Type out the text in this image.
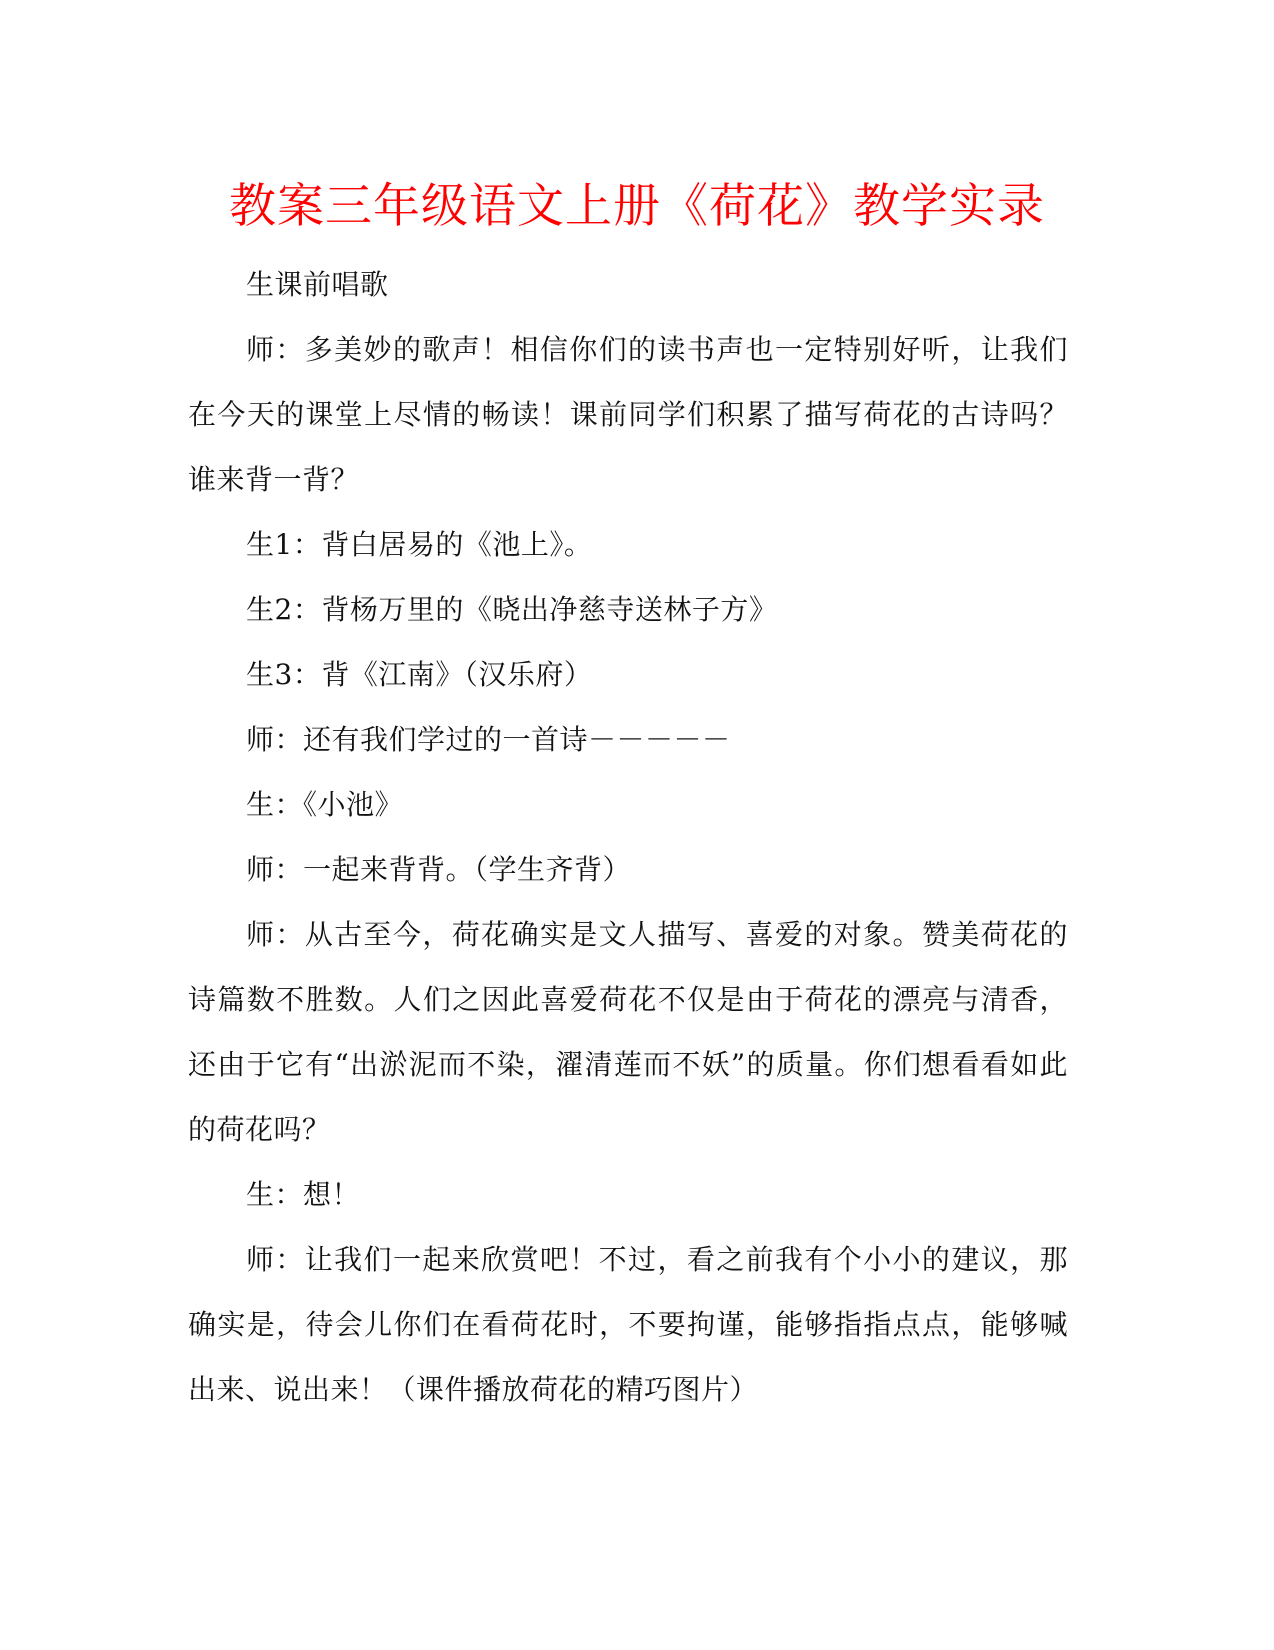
教案三年级语文上册《荷花》教学实录

生课前唱歌

师：多美妙的歌声！相信你们的读书声也一定特别好听，让我们在今天的课堂上尽情的畅读！课前同学们积累了描写荷花的古诗吗？谁来背一背？

生1：背白居易的《池上》。

生2：背杨万里的《晓出净慈寺送林子方》

生3：背《江南》（汉乐府）

师：还有我们学过的一首诗－－－－－

生：《小池》

师：一起来背背。（学生齐背）

师：从古至今，荷花确实是文人描写、喜爱的对象。赞美荷花的诗篇数不胜数。人们之因此喜爱荷花不仅是由于荷花的漂亮与清香，还由于它有“出淤泥而不染，濯清莲而不妖”的质量。你们想看看如此的荷花吗？

生：想！

师：让我们一起来欣赏吧！不过，看之前我有个小小的建议，那确实是，待会儿你们在看荷花时，不要拘谨，能够指指点点，能够喊出来、说出来！（课件播放荷花的精巧图片）
